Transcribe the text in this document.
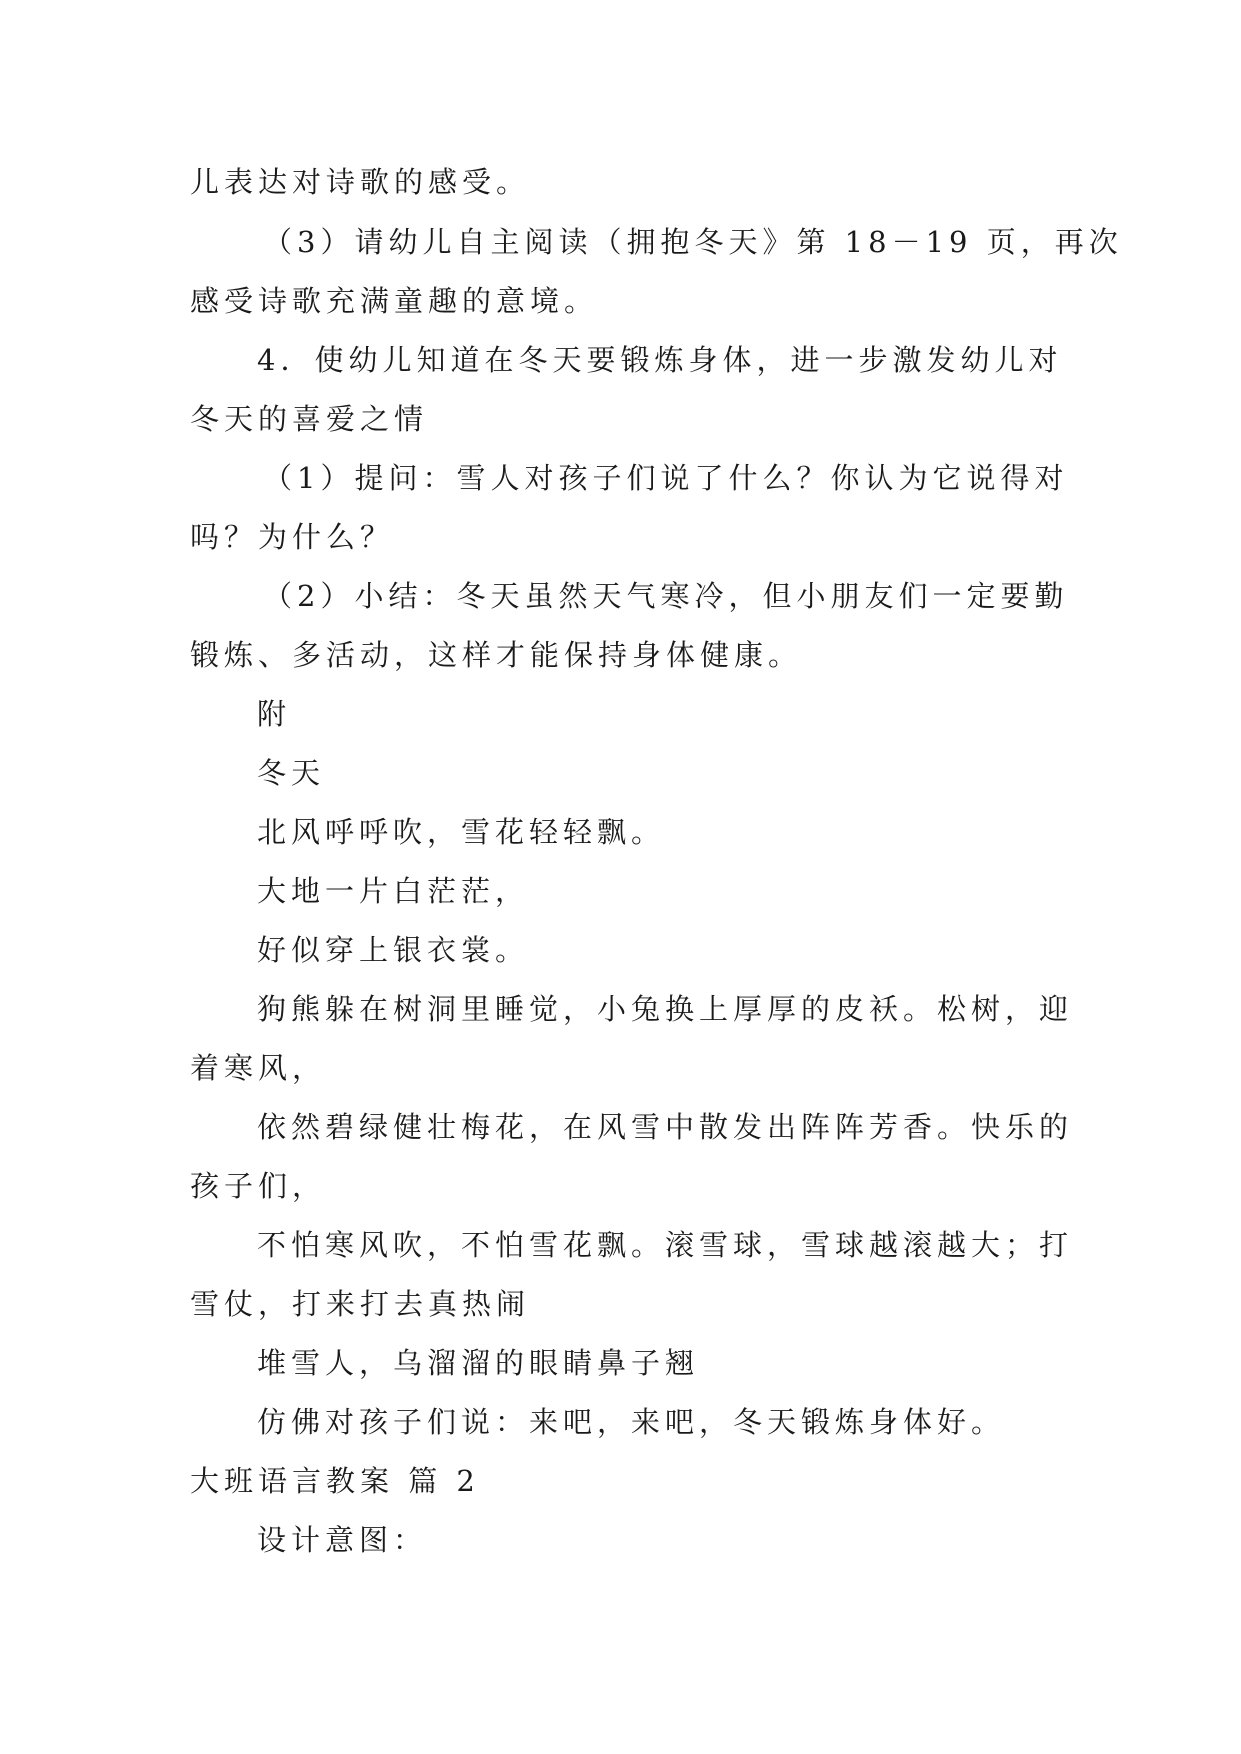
儿表达对诗歌的感受。
（3）请幼儿自主阅读（拥抱冬天》第 18－19 页，再次
感受诗歌充满童趣的意境。
4．使幼儿知道在冬天要锻炼身体，进一步激发幼儿对
冬天的喜爱之情
（1）提问：雪人对孩子们说了什么？你认为它说得对
吗？为什么？
（2）小结：冬天虽然天气寒冷，但小朋友们一定要勤
锻炼、多活动，这样才能保持身体健康。
附
冬天
北风呼呼吹，雪花轻轻飘。
大地一片白茫茫，
好似穿上银衣裳。
狗熊躲在树洞里睡觉，小兔换上厚厚的皮袄。松树，迎
着寒风，
依然碧绿健壮梅花，在风雪中散发出阵阵芳香。快乐的
孩子们，
不怕寒风吹，不怕雪花飘。滚雪球，雪球越滚越大；打
雪仗，打来打去真热闹
堆雪人，乌溜溜的眼睛鼻子翘
仿佛对孩子们说：来吧，来吧，冬天锻炼身体好。
大班语言教案 篇 2
设计意图：
